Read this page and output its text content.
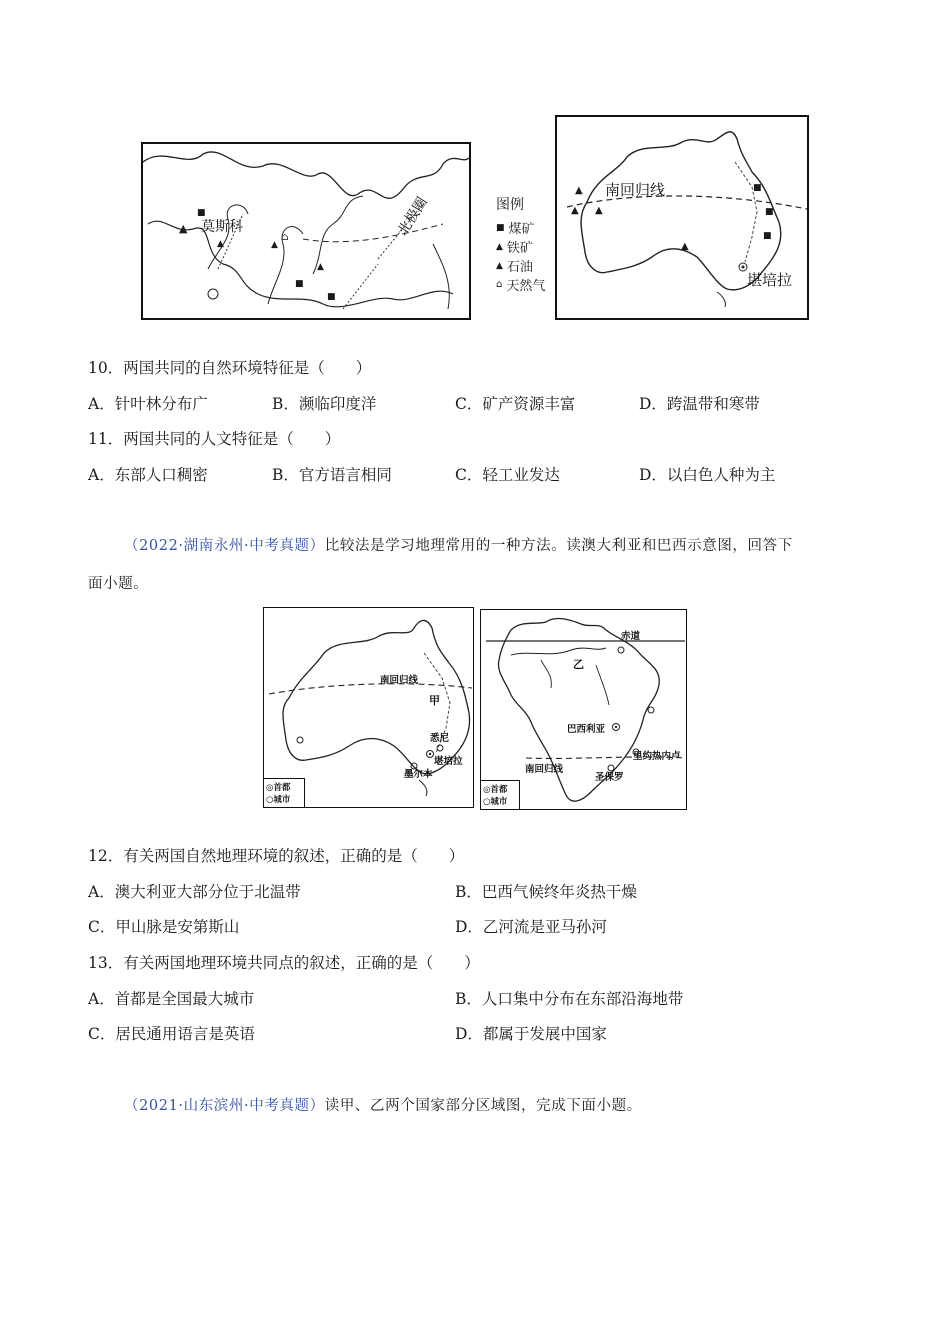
■
▲ 莫斯科
▲
⌂
▲
▲
■
■
北极圈	图例
■ 煤矿
▲ 铁矿
▲ 石油
⌂ 天然气
▲
▲ ▲
▲
■
■
■
南回归线
堪培拉
10．两国共同的自然环境特征是（　　）
A．针叶林分布广	B．濒临印度洋	C．矿产资源丰富	D．跨温带和寒带
11．两国共同的人文特征是（　　）
A．东部人口稠密	B．官方语言相同	C．轻工业发达	D．以白色人种为主
（2022·湖南永州·中考真题）比较法是学习地理常用的一种方法。读澳大利亚和巴西示意图，回答下
面小题。
南回归线
甲
悉尼
堪培拉
墨尔本
◎首都
○城市
赤道
乙
巴西利亚
里约热内卢
南回归线
圣保罗
◎首都
○城市
12．有关两国自然地理环境的叙述，正确的是（　　）
A．澳大利亚大部分位于北温带	B．巴西气候终年炎热干燥
C．甲山脉是安第斯山	D．乙河流是亚马孙河
13．有关两国地理环境共同点的叙述，正确的是（　　）
A．首都是全国最大城市	B．人口集中分布在东部沿海地带
C．居民通用语言是英语	D．都属于发展中国家
（2021·山东滨州·中考真题）读甲、乙两个国家部分区域图，完成下面小题。
